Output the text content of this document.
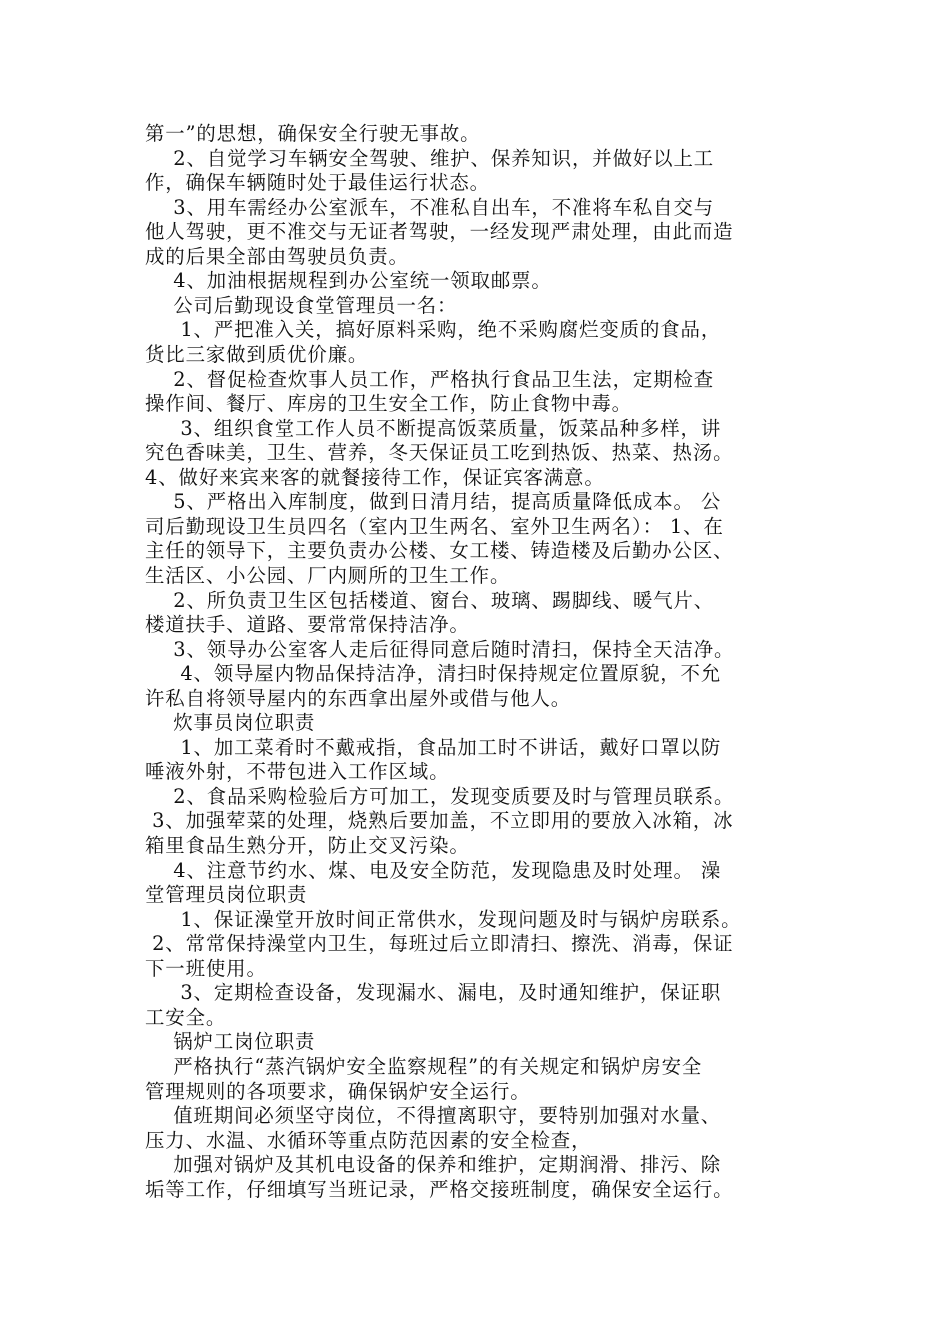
第一”的思想，确保安全行驶无事故。
2、自觉学习车辆安全驾驶、维护、保养知识，并做好以上工
作，确保车辆随时处于最佳运行状态。
3、用车需经办公室派车，不准私自出车，不准将车私自交与
他人驾驶，更不准交与无证者驾驶，一经发现严肃处理，由此而造
成的后果全部由驾驶员负责。
4、加油根据规程到办公室统一领取邮票。
公司后勤现设食堂管理员一名：
1、严把准入关，搞好原料采购，绝不采购腐烂变质的食品，
货比三家做到质优价廉。
2、督促检查炊事人员工作，严格执行食品卫生法，定期检查
操作间、餐厅、库房的卫生安全工作，防止食物中毒。
3、组织食堂工作人员不断提高饭菜质量，饭菜品种多样，讲
究色香味美，卫生、营养，冬天保证员工吃到热饭、热菜、热汤。
4、做好来宾来客的就餐接待工作，保证宾客满意。
5、严格出入库制度，做到日清月结，提高质量降低成本。 公
司后勤现设卫生员四名（室内卫生两名、室外卫生两名）： 1、在
主任的领导下，主要负责办公楼、女工楼、铸造楼及后勤办公区、
生活区、小公园、厂内厕所的卫生工作。
2、所负责卫生区包括楼道、窗台、玻璃、踢脚线、暖气片、
楼道扶手、道路、要常常保持洁净。
3、领导办公室客人走后征得同意后随时清扫，保持全天洁净。
4、领导屋内物品保持洁净，清扫时保持规定位置原貌，不允
许私自将领导屋内的东西拿出屋外或借与他人。
炊事员岗位职责
1、加工菜肴时不戴戒指，食品加工时不讲话，戴好口罩以防
唾液外射，不带包进入工作区域。
2、食品采购检验后方可加工，发现变质要及时与管理员联系。
3、加强荤菜的处理，烧熟后要加盖，不立即用的要放入冰箱，冰
箱里食品生熟分开，防止交叉污染。
4、注意节约水、煤、电及安全防范，发现隐患及时处理。 澡
堂管理员岗位职责
1、保证澡堂开放时间正常供水，发现问题及时与锅炉房联系。
2、常常保持澡堂内卫生，每班过后立即清扫、擦洗、消毒，保证
下一班使用。
3、定期检查设备，发现漏水、漏电，及时通知维护，保证职
工安全。
锅炉工岗位职责
严格执行“蒸汽锅炉安全监察规程”的有关规定和锅炉房安全
管理规则的各项要求，确保锅炉安全运行。
值班期间必须坚守岗位，不得擅离职守，要特别加强对水量、
压力、水温、水循环等重点防范因素的安全检查，
加强对锅炉及其机电设备的保养和维护，定期润滑、排污、除
垢等工作，仔细填写当班记录，严格交接班制度，确保安全运行。
